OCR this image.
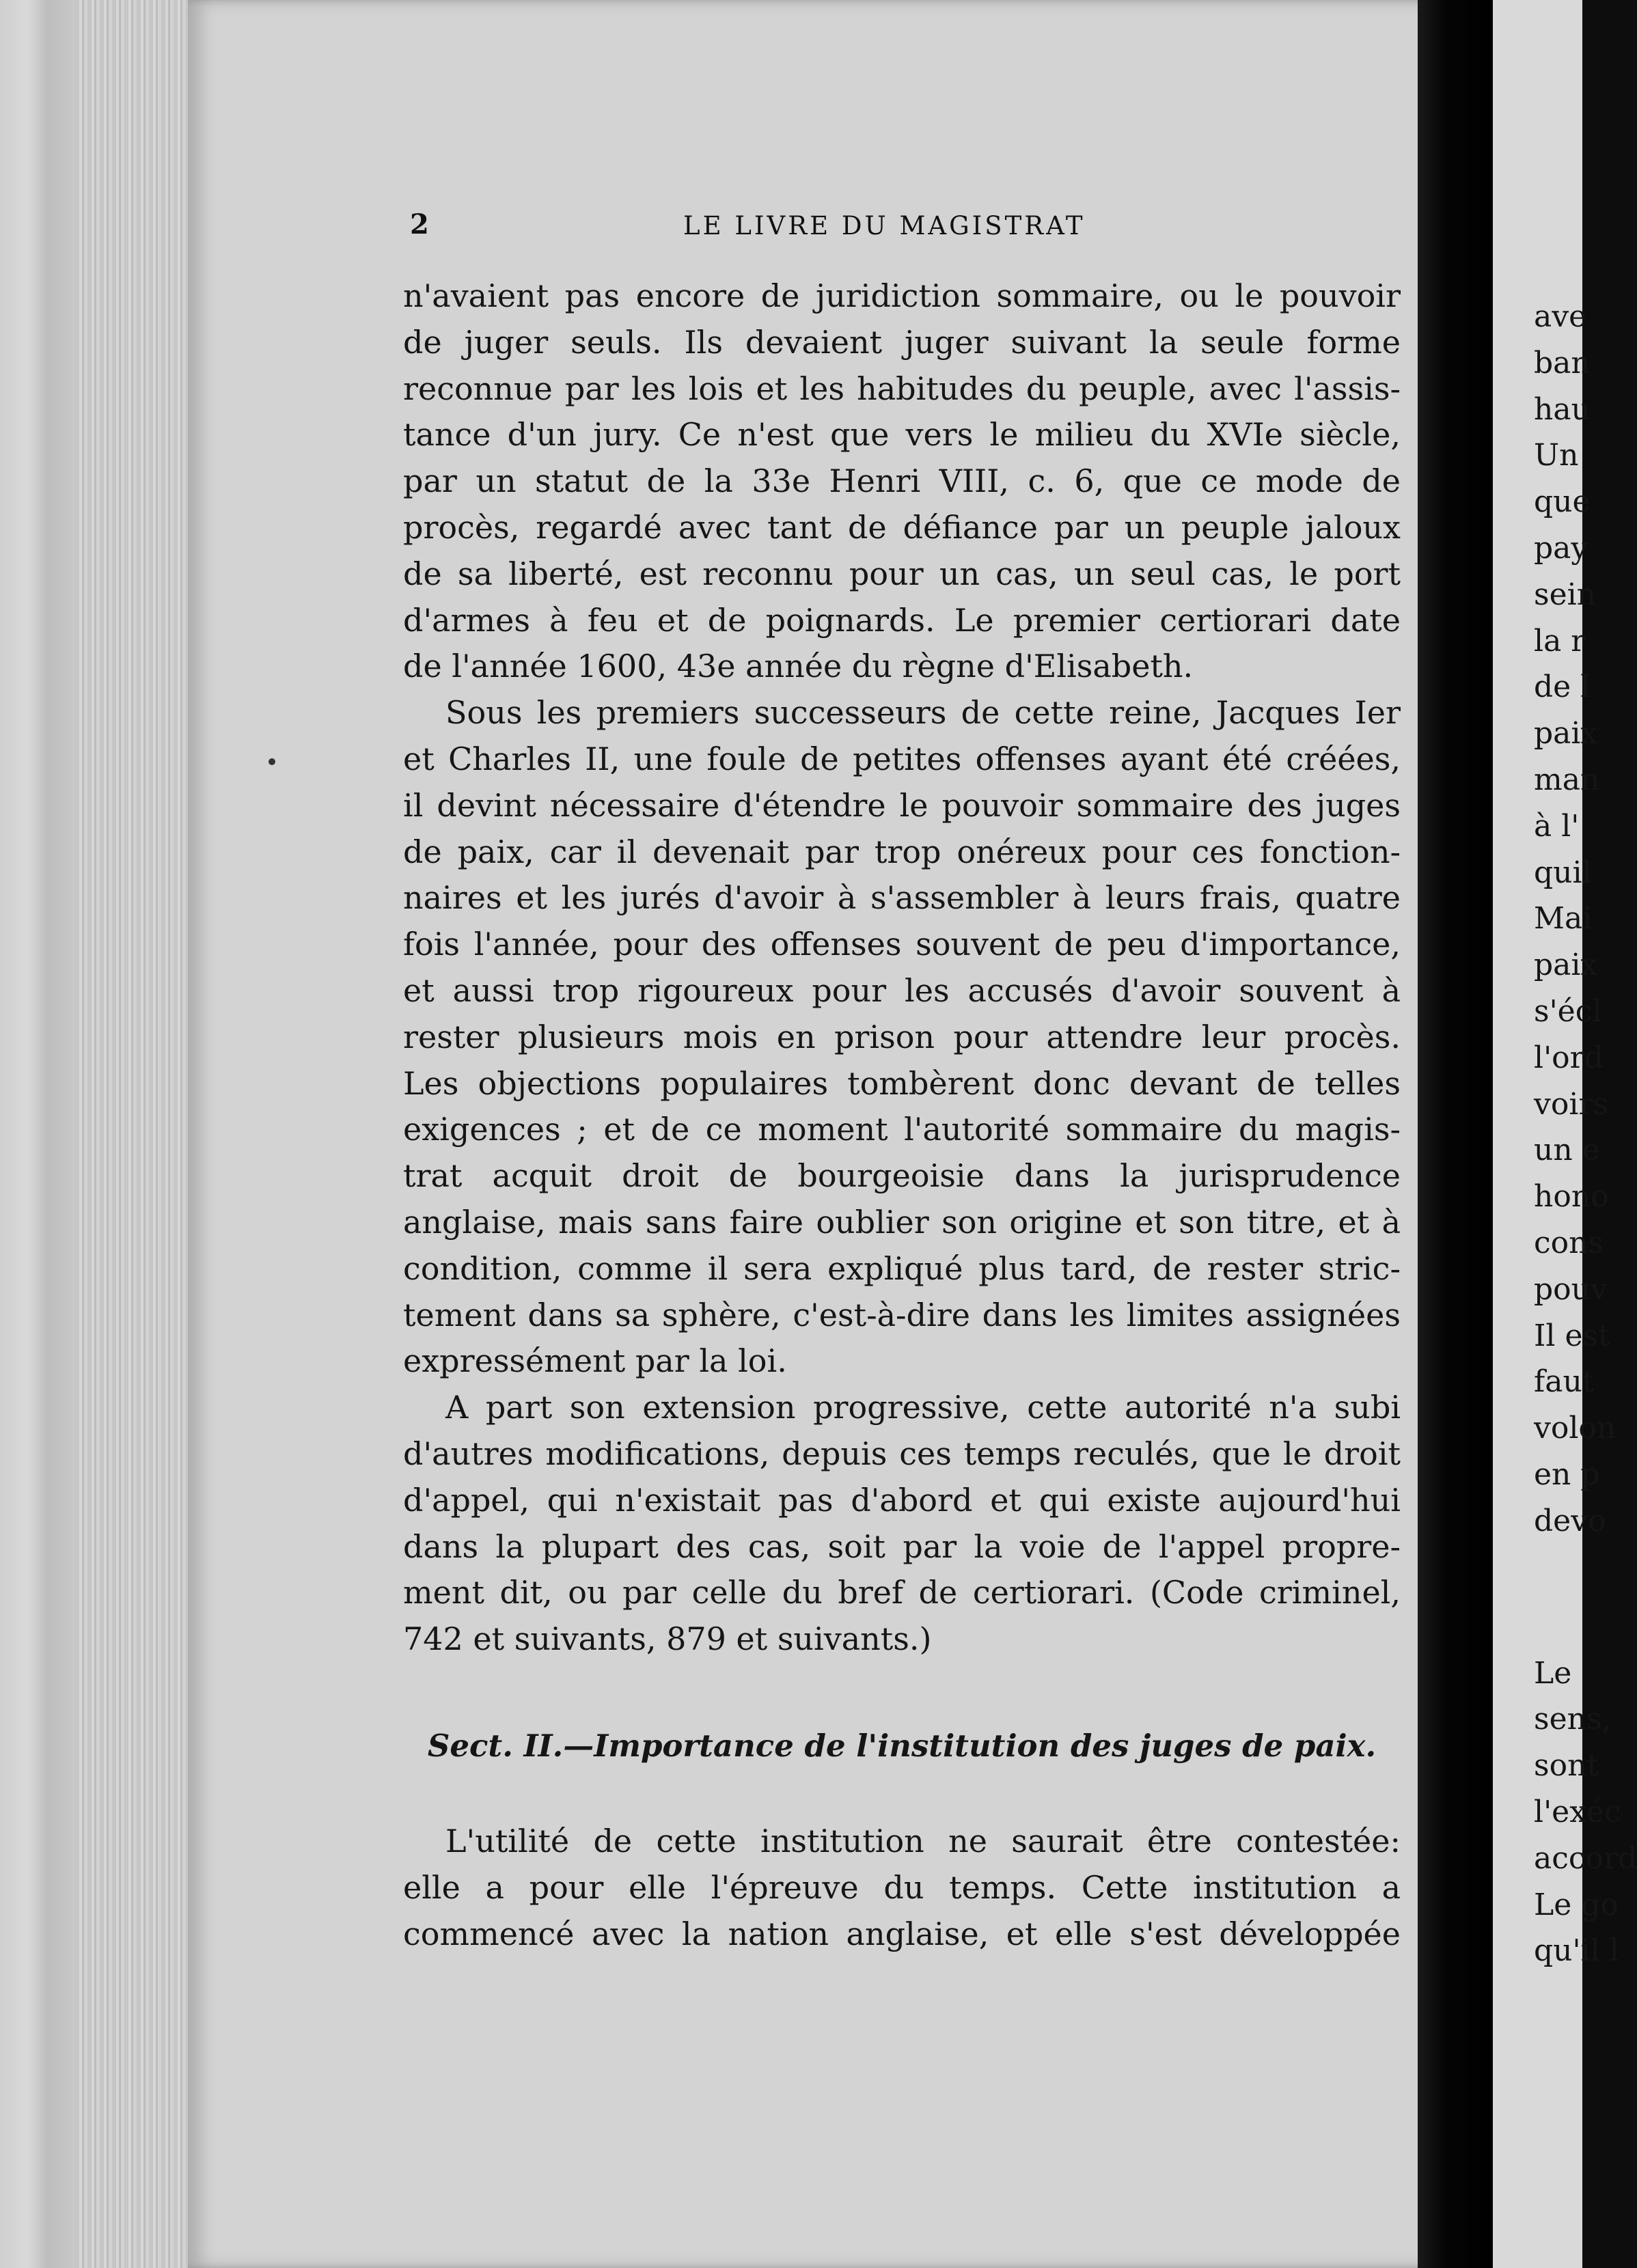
2	LE LIVRE DU MAGISTRAT
n'avaient pas encore de juridiction sommaire, ou le pouvoir
de juger seuls. Ils devaient juger suivant la seule forme
reconnue par les lois et les habitudes du peuple, avec l'assis-
tance d'un jury. Ce n'est que vers le milieu du XVIe siècle,
par un statut de la 33e Henri VIII, c. 6, que ce mode de
procès, regardé avec tant de défiance par un peuple jaloux
de sa liberté, est reconnu pour un cas, un seul cas, le port
d'armes à feu et de poignards. Le premier certiorari date
de l'année 1600, 43e année du règne d'Elisabeth.
Sous les premiers successeurs de cette reine, Jacques Ier
et Charles II, une foule de petites offenses ayant été créées,
il devint nécessaire d'étendre le pouvoir sommaire des juges
de paix, car il devenait par trop onéreux pour ces fonction-
naires et les jurés d'avoir à s'assembler à leurs frais, quatre
fois l'année, pour des offenses souvent de peu d'importance,
et aussi trop rigoureux pour les accusés d'avoir souvent à
rester plusieurs mois en prison pour attendre leur procès.
Les objections populaires tombèrent donc devant de telles
exigences ; et de ce moment l'autorité sommaire du magis-
trat acquit droit de bourgeoisie dans la jurisprudence
anglaise, mais sans faire oublier son origine et son titre, et à
condition, comme il sera expliqué plus tard, de rester stric-
tement dans sa sphère, c'est-à-dire dans les limites assignées
expressément par la loi.
A part son extension progressive, cette autorité n'a subi
d'autres modifications, depuis ces temps reculés, que le droit
d'appel, qui n'existait pas d'abord et qui existe aujourd'hui
dans la plupart des cas, soit par la voie de l'appel propre-
ment dit, ou par celle du bref de certiorari. (Code criminel,
742 et suivants, 879 et suivants.)
Sect. II.—Importance de l'institution des juges de paix.
L'utilité de cette institution ne saurait être contestée:
elle a pour elle l'épreuve du temps. Cette institution a
commencé avec la nation anglaise, et elle s'est développée
ave
ban
hau
Un
que
pay
sein
la r
de l
paix
man
à l'
quil
Mai
paix
s'écl
l'ord
voirs
un e
hono
cons
pouv
Il est
faut
volon
en p
devo
Le
sens,
sont
l'exéc
accord
Le go
qu'il l
